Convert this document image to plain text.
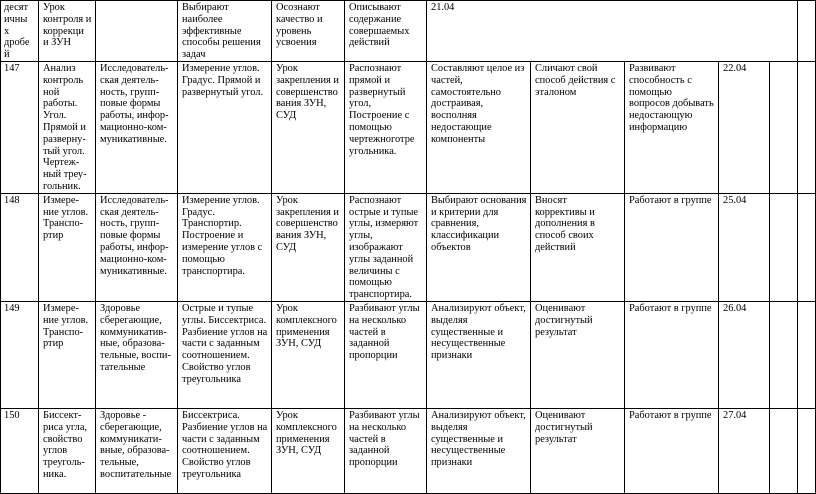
десят ичны х дробе й	Урок контроля и коррекци и ЗУН		Выбирают наиболее эффективные способы решения задач	Осознают качество и уровень усвоения	Описывают содержание совершаемых действий	21.04					
147	Анализ контроль ной работы. Угол. Прямой и разверну-тый угол. Чертеж-ный треу-гольник.	Исследователь-ская деятель-ность, групп-повые формы работы, инфор-мационно-ком-муникативные.	Измерение углов. Градус. Прямой и развернутый угол.	Урок закрепления и совершенство вания ЗУН, СУД	Распознают прямой и развернутый угол, Построение с помощью чертежноготре угольника.	Составляют целое из частей, самостоятельно достраивая, восполняя недостающие компоненты	Сличают свой способ действия с эталоном	Развивают способность с помощью вопросов добывать недостающую информацию	22.04		
148	Измере-ние углов. Транспо-ртир	Исследователь-ская деятель-ность, групп-повые формы работы, инфор-мационно-ком-муникативные.	Измерение углов. Градус. Транспортир. Построение и измерение углов с помощью транспортира.	Урок закрепления и совершенство вания ЗУН, СУД	Распознают острые и тупые углы, измеряют углы, изображают углы заданной величины с помощью транспортира.	Выбирают основания и критерии для сравнения, классификации объектов	Вносят коррективы и дополнения в способ своих действий	Работают в группе	25.04		
149	Измере-ние углов. Транспо-ртир	Здоровье сберегающие, коммуникатив-ные, образова-тельные, воспи-тательные	Острые и тупые углы. Биссектриса. Разбиение углов на части с заданным соотношением. Свойство углов треугольника	Урок комплексного применения ЗУН, СУД	Разбивают углы на несколько частей в заданной пропорции	Анализируют объект, выделяя существенные и несущественные признаки	Оценивают достигнутый результат	Работают в группе	26.04		
150	Биссект-риса угла, свойство углов треуголь-ника.	Здоровье - сберегающие, коммуникати-вные, образова-тельные, воспитательные	Биссектриса. Разбиение углов на части с заданным соотношением. Свойство углов треугольника	Урок комплексного применения ЗУН, СУД	Разбивают углы на несколько частей в заданной пропорции	Анализируют объект, выделяя существенные и несущественные признаки	Оценивают достигнутый результат	Работают в группе	27.04		
